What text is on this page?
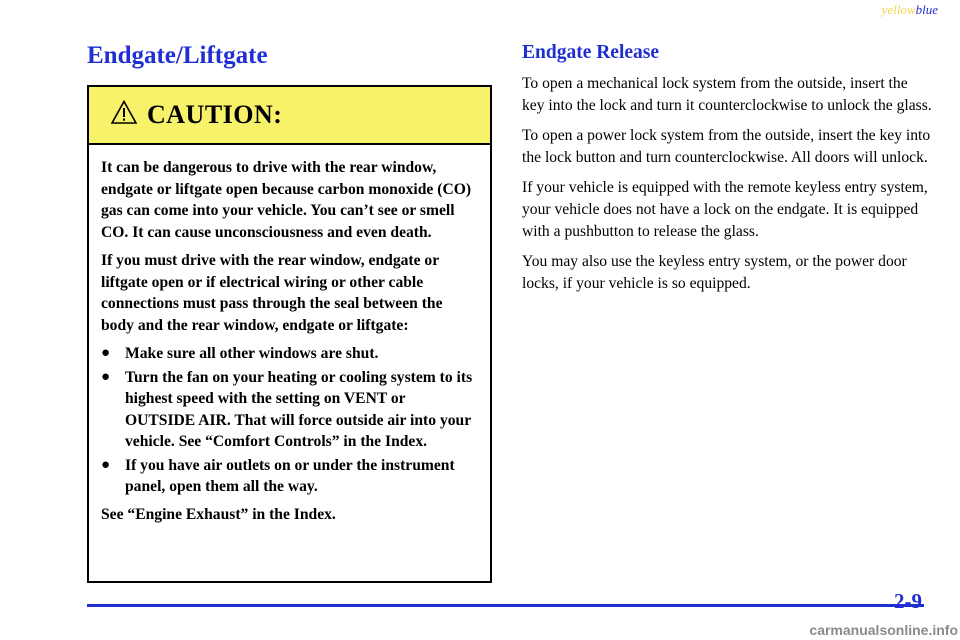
yellowblue
Endgate/Liftgate
CAUTION:

It can be dangerous to drive with the rear window, endgate or liftgate open because carbon monoxide (CO) gas can come into your vehicle. You can’t see or smell CO. It can cause unconsciousness and even death.

If you must drive with the rear window, endgate or liftgate open or if electrical wiring or other cable connections must pass through the seal between the body and the rear window, endgate or liftgate:

● Make sure all other windows are shut.
● Turn the fan on your heating or cooling system to its highest speed with the setting on VENT or OUTSIDE AIR. That will force outside air into your vehicle. See “Comfort Controls” in the Index.
● If you have air outlets on or under the instrument panel, open them all the way.

See “Engine Exhaust” in the Index.

Endgate Release

To open a mechanical lock system from the outside, insert the key into the lock and turn it counterclockwise to unlock the glass.

To open a power lock system from the outside, insert the key into the lock button and turn counterclockwise. All doors will unlock.

If your vehicle is equipped with the remote keyless entry system, your vehicle does not have a lock on the endgate. It is equipped with a pushbutton to release the glass.

You may also use the keyless entry system, or the power door locks, if your vehicle is so equipped.

2-9
carmanualsonline.info
